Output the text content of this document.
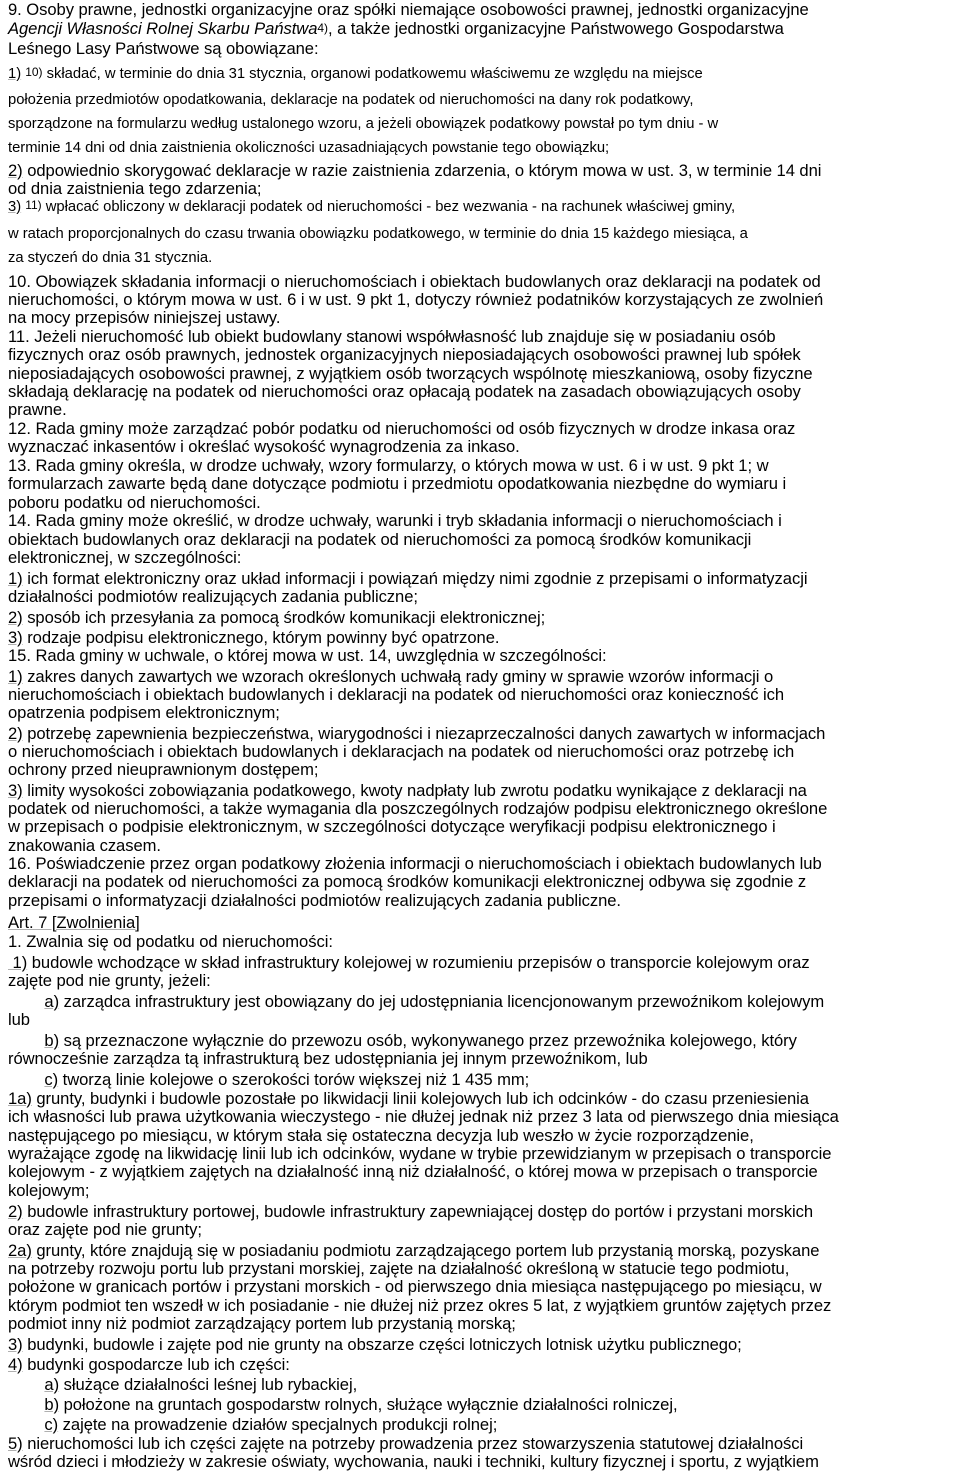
9. Osoby prawne, jednostki organizacyjne oraz spółki niemające osobowości prawnej, jednostki organizacyjne
Agencji Własności Rolnej Skarbu Państwa$^{4)}$, a także jednostki organizacyjne Państwowego Gospodarstwa
Leśnego Lasy Państwowe są obowiązane:
1) $^{10)}$ składać, w terminie do dnia 31 stycznia, organowi podatkowemu właściwemu ze względu na miejsce
położenia przedmiotów opodatkowania, deklaracje na podatek od nieruchomości na dany rok podatkowy,
sporządzone na formularzu według ustalonego wzoru, a jeżeli obowiązek podatkowy powstał po tym dniu - w
terminie 14 dni od dnia zaistnienia okoliczności uzasadniających powstanie tego obowiązku;
2) odpowiednio skorygować deklaracje w razie zaistnienia zdarzenia, o którym mowa w ust. 3, w terminie 14 dni
od dnia zaistnienia tego zdarzenia;
3) $^{11)}$ wpłacać obliczony w deklaracji podatek od nieruchomości - bez wezwania - na rachunek właściwej gminy,
w ratach proporcjonalnych do czasu trwania obowiązku podatkowego, w terminie do dnia 15 każdego miesiąca, a
za styczeń do dnia 31 stycznia.
10. Obowiązek składania informacji o nieruchomościach i obiektach budowlanych oraz deklaracji na podatek od
nieruchomości, o którym mowa w ust. 6 i w ust. 9 pkt 1, dotyczy również podatników korzystających ze zwolnień
na mocy przepisów niniejszej ustawy.
11. Jeżeli nieruchomość lub obiekt budowlany stanowi współwłasność lub znajduje się w posiadaniu osób
fizycznych oraz osób prawnych, jednostek organizacyjnych nieposiadających osobowości prawnej lub spółek
nieposiadających osobowości prawnej, z wyjątkiem osób tworzących wspólnotę mieszkaniową, osoby fizyczne
składają deklarację na podatek od nieruchomości oraz opłacają podatek na zasadach obowiązujących osoby
prawne.
12. Rada gminy może zarządzać pobór podatku od nieruchomości od osób fizycznych w drodze inkasa oraz
wyznaczać inkasentów i określać wysokość wynagrodzenia za inkaso.
13. Rada gminy określa, w drodze uchwały, wzory formularzy, o których mowa w ust. 6 i w ust. 9 pkt 1; w
formularzach zawarte będą dane dotyczące podmiotu i przedmiotu opodatkowania niezbędne do wymiaru i
poboru podatku od nieruchomości.
14. Rada gminy może określić, w drodze uchwały, warunki i tryb składania informacji o nieruchomościach i
obiektach budowlanych oraz deklaracji na podatek od nieruchomości za pomocą środków komunikacji
elektronicznej, w szczególności:
1) ich format elektroniczny oraz układ informacji i powiązań między nimi zgodnie z przepisami o informatyzacji
działalności podmiotów realizujących zadania publiczne;
2) sposób ich przesyłania za pomocą środków komunikacji elektronicznej;
3) rodzaje podpisu elektronicznego, którym powinny być opatrzone.
15. Rada gminy w uchwale, o której mowa w ust. 14, uwzględnia w szczególności:
1) zakres danych zawartych we wzorach określonych uchwałą rady gminy w sprawie wzorów informacji o
nieruchomościach i obiektach budowlanych i deklaracji na podatek od nieruchomości oraz konieczność ich
opatrzenia podpisem elektronicznym;
2) potrzebę zapewnienia bezpieczeństwa, wiarygodności i niezaprzeczalności danych zawartych w informacjach
o nieruchomościach i obiektach budowlanych i deklaracjach na podatek od nieruchomości oraz potrzebę ich
ochrony przed nieuprawnionym dostępem;
3) limity wysokości zobowiązania podatkowego, kwoty nadpłaty lub zwrotu podatku wynikające z deklaracji na
podatek od nieruchomości, a także wymagania dla poszczególnych rodzajów podpisu elektronicznego określone
w przepisach o podpisie elektronicznym, w szczególności dotyczące weryfikacji podpisu elektronicznego i
znakowania czasem.
16. Poświadczenie przez organ podatkowy złożenia informacji o nieruchomościach i obiektach budowlanych lub
deklaracji na podatek od nieruchomości za pomocą środków komunikacji elektronicznej odbywa się zgodnie z
przepisami o informatyzacji działalności podmiotów realizujących zadania publiczne.
Art. 7 [Zwolnienia]
1. Zwalnia się od podatku od nieruchomości:
1) budowle wchodzące w skład infrastruktury kolejowej w rozumieniu przepisów o transporcie kolejowym oraz
zajęte pod nie grunty, jeżeli:
a) zarządca infrastruktury jest obowiązany do jej udostępniania licencjonowanym przewoźnikom kolejowym
lub
b) są przeznaczone wyłącznie do przewozu osób, wykonywanego przez przewoźnika kolejowego, który
równocześnie zarządza tą infrastrukturą bez udostępniania jej innym przewoźnikom, lub
c) tworzą linie kolejowe o szerokości torów większej niż 1 435 mm;
1a) grunty, budynki i budowle pozostałe po likwidacji linii kolejowych lub ich odcinków - do czasu przeniesienia
ich własności lub prawa użytkowania wieczystego - nie dłużej jednak niż przez 3 lata od pierwszego dnia miesiąca
następującego po miesiącu, w którym stała się ostateczna decyzja lub weszło w życie rozporządzenie,
wyrażające zgodę na likwidację linii lub ich odcinków, wydane w trybie przewidzianym w przepisach o transporcie
kolejowym - z wyjątkiem zajętych na działalność inną niż działalność, o której mowa w przepisach o transporcie
kolejowym;
2) budowle infrastruktury portowej, budowle infrastruktury zapewniającej dostęp do portów i przystani morskich
oraz zajęte pod nie grunty;
2a) grunty, które znajdują się w posiadaniu podmiotu zarządzającego portem lub przystanią morską, pozyskane
na potrzeby rozwoju portu lub przystani morskiej, zajęte na działalność określoną w statucie tego podmiotu,
położone w granicach portów i przystani morskich - od pierwszego dnia miesiąca następującego po miesiącu, w
którym podmiot ten wszedł w ich posiadanie - nie dłużej niż przez okres 5 lat, z wyjątkiem gruntów zajętych przez
podmiot inny niż podmiot zarządzający portem lub przystanią morską;
3) budynki, budowle i zajęte pod nie grunty na obszarze części lotniczych lotnisk użytku publicznego;
4) budynki gospodarcze lub ich części:
a) służące działalności leśnej lub rybackiej,
b) położone na gruntach gospodarstw rolnych, służące wyłącznie działalności rolniczej,
c) zajęte na prowadzenie działów specjalnych produkcji rolnej;
5) nieruchomości lub ich części zajęte na potrzeby prowadzenia przez stowarzyszenia statutowej działalności
wśród dzieci i młodzieży w zakresie oświaty, wychowania, nauki i techniki, kultury fizycznej i sportu, z wyjątkiem
